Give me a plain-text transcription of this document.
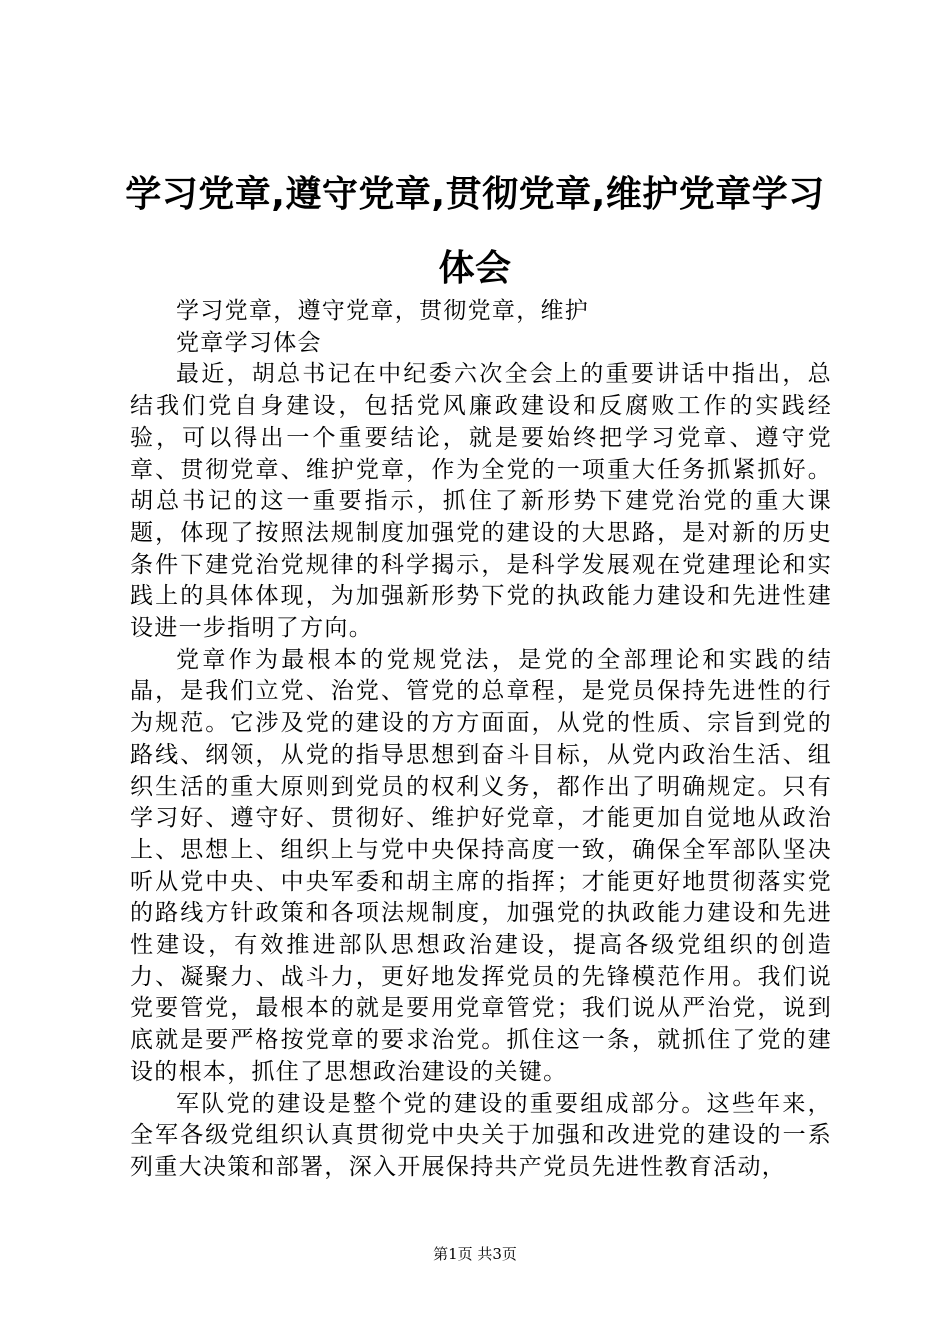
学习党章,遵守党章,贯彻党章,维护党章学习体会

学习党章，遵守党章，贯彻党章，维护

党章学习体会

最近，胡总书记在中纪委六次全会上的重要讲话中指出，总结我们党自身建设，包括党风廉政建设和反腐败工作的实践经验，可以得出一个重要结论，就是要始终把学习党章、遵守党章、贯彻党章、维护党章，作为全党的一项重大任务抓紧抓好。胡总书记的这一重要指示，抓住了新形势下建党治党的重大课题，体现了按照法规制度加强党的建设的大思路，是对新的历史条件下建党治党规律的科学揭示，是科学发展观在党建理论和实践上的具体体现，为加强新形势下党的执政能力建设和先进性建设进一步指明了方向。

党章作为最根本的党规党法，是党的全部理论和实践的结晶，是我们立党、治党、管党的总章程，是党员保持先进性的行为规范。它涉及党的建设的方方面面，从党的性质、宗旨到党的路线、纲领，从党的指导思想到奋斗目标，从党内政治生活、组织生活的重大原则到党员的权利义务，都作出了明确规定。只有学习好、遵守好、贯彻好、维护好党章，才能更加自觉地从政治上、思想上、组织上与党中央保持高度一致，确保全军部队坚决听从党中央、中央军委和胡主席的指挥；才能更好地贯彻落实党的路线方针政策和各项法规制度，加强党的执政能力建设和先进性建设，有效推进部队思想政治建设，提高各级党组织的创造力、凝聚力、战斗力，更好地发挥党员的先锋模范作用。我们说党要管党，最根本的就是要用党章管党；我们说从严治党，说到底就是要严格按党章的要求治党。抓住这一条，就抓住了党的建设的根本，抓住了思想政治建设的关键。

军队党的建设是整个党的建设的重要组成部分。这些年来，全军各级党组织认真贯彻党中央关于加强和改进党的建设的一系列重大决策和部署，深入开展保持共产党员先进性教育活动，

第1页 共3页
